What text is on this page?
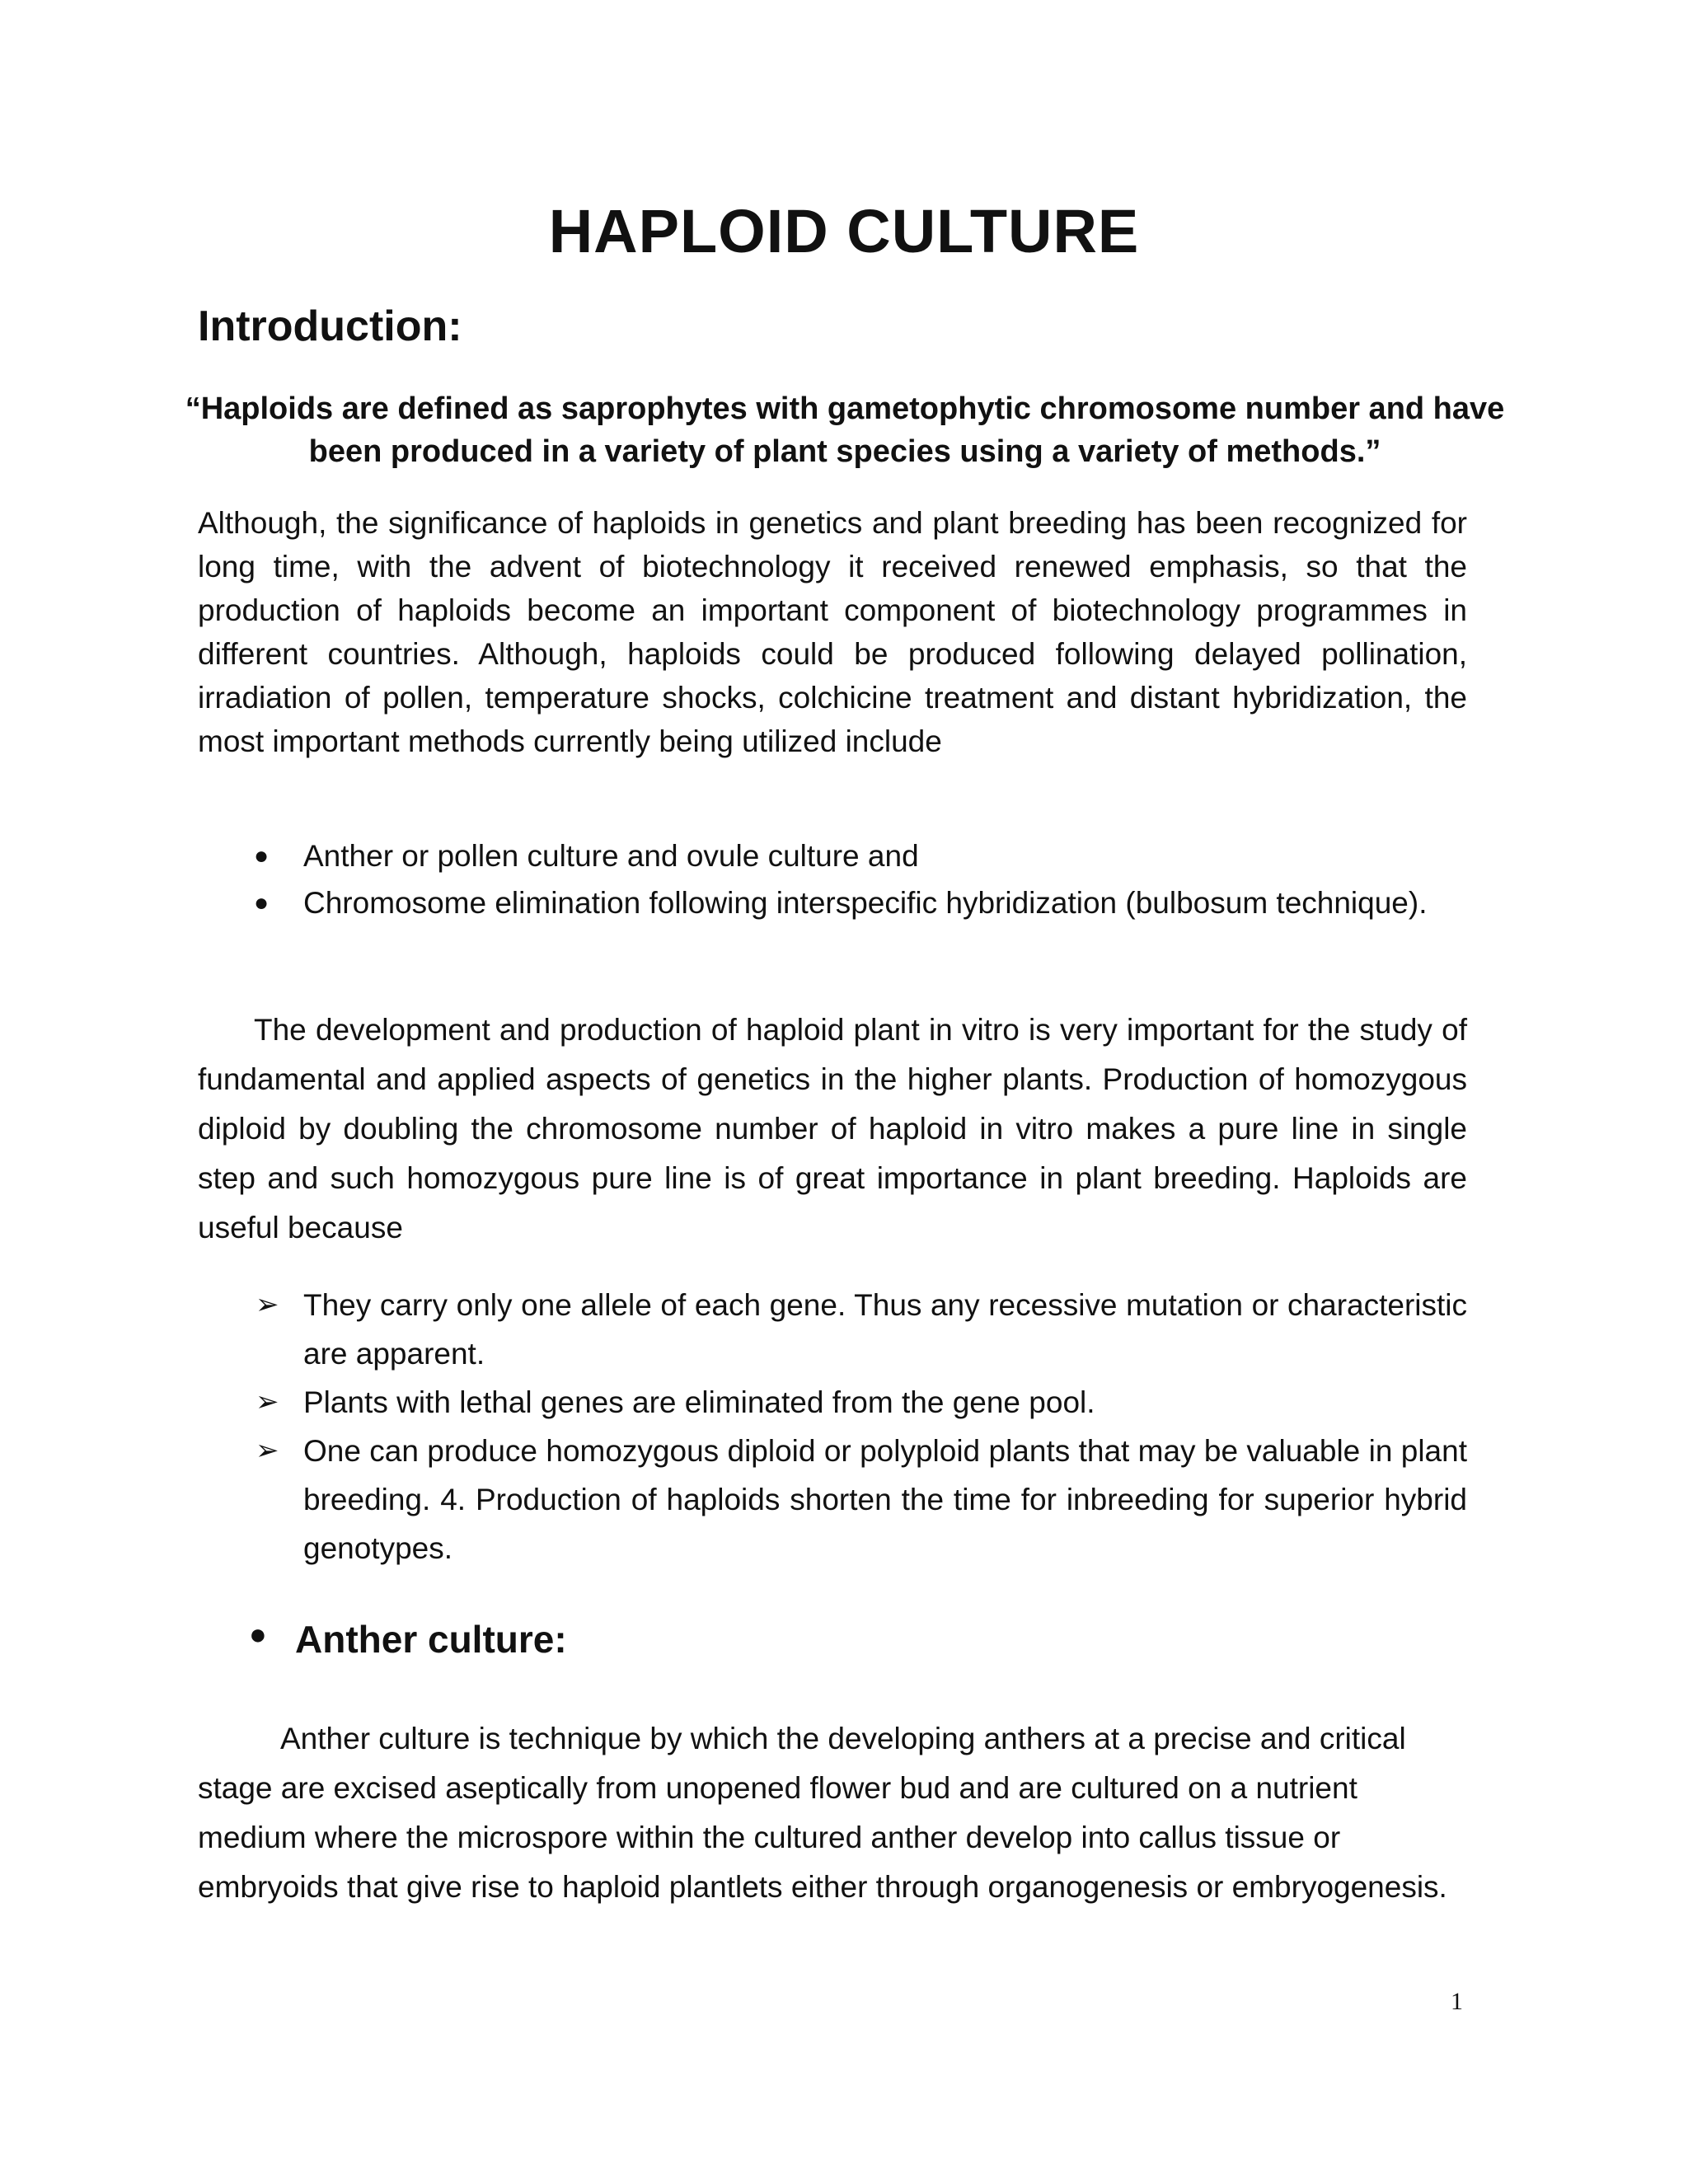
HAPLOID CULTURE
Introduction:

“Haploids are defined as saprophytes with gametophytic chromosome number and have been produced in a variety of plant species using a variety of methods.”

Although, the significance of haploids in genetics and plant breeding has been recognized for long time, with the advent of biotechnology it received renewed emphasis, so that the production of haploids become an important component of biotechnology programmes in different countries. Although, haploids could be produced following delayed pollination, irradiation of pollen, temperature shocks, colchicine treatment and distant hybridization, the most important methods currently being utilized include

● Anther or pollen culture and ovule culture and
● Chromosome elimination following interspecific hybridization (bulbosum technique).

The development and production of haploid plant in vitro is very important for the study of fundamental and applied aspects of genetics in the higher plants. Production of homozygous diploid by doubling the chromosome number of haploid in vitro makes a pure line in single step and such homozygous pure line is of great importance in plant breeding. Haploids are useful because

➢ They carry only one allele of each gene. Thus any recessive mutation or characteristic are apparent.
➢ Plants with lethal genes are eliminated from the gene pool.
➢ One can produce homozygous diploid or polyploid plants that may be valuable in plant breeding. 4. Production of haploids shorten the time for inbreeding for superior hybrid genotypes.
● Anther culture:

Anther culture is technique by which the developing anthers at a precise and critical stage are excised aseptically from unopened flower bud and are cultured on a nutrient medium where the microspore within the cultured anther develop into callus tissue or embryoids that give rise to haploid plantlets either through organogenesis or embryogenesis.

1
